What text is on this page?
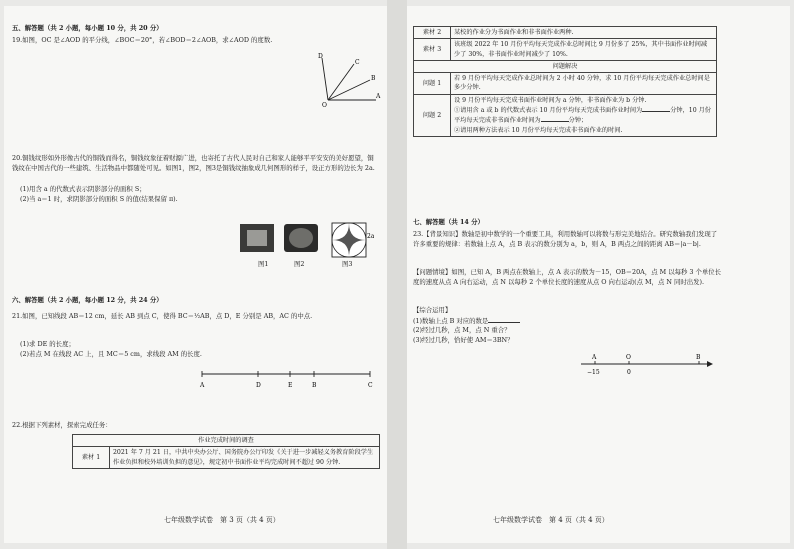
五、解答题（共 2 小题，每小题 10 分，共 20 分）
19.如图，OC 是∠AOD 的平分线，∠BOC＝20°，若∠BOD＝2∠AOB，求∠AOD 的度数.
D
C
B
A
O
20.铜钱纹形如外形像古代的铜钱而得名，铜钱纹象征着财源广进，也寄托了古代人民对自己和家人能够平平安安的美好愿望，铜钱纹在中国古代的一些建筑、生活物品中都随处可见。如图1，图2，图3是铜钱纹抽象成几何图形的样子，设正方形的边长为 2a.
(1)用含 a 的代数式表示阴影部分的面积 S；
(2)当 a＝1 时，求阴影部分的面积 S 的值(结果保留 π).
2a
图1	图2	图3
六、解答题（共 2 小题，每小题 12 分，共 24 分）
21.如图，已知线段 AB＝12 cm，延长 AB 到点 C，使得 BC＝½AB，点 D，E 分别是 AB，AC 的中点.
(1)求 DE 的长度；
(2)若点 M 在线段 AC 上，且 MC＝5 cm，求线段 AM 的长度.
A	D	E	B	C
22.根据下列素材，探索完成任务：
作业完成时间的调查
素材 1	2021 年 7 月 21 日，中共中央办公厅、国务院办公厅印发《关于进一步减轻义务教育阶段学生作业负担和校外培训负担的意见》，规定初中书面作业平均完成时间不超过 90 分钟.
七年级数学试卷　第 3 页（共 4 页）
素材 2	某校的作业分为书面作业和非书面作业两种.
素材 3	该班级 2022 年 10 月份平均每天完成作业总时间比 9 月份多了 25%，其中书面作业时间减少了 30%，非书面作业时间减少了 10%.
问题解决	
问题 1	若 9 月份平均每天完成作业总时间为 2 小时 40 分钟，求 10 月份平均每天完成作业总时间是多少分钟.
问题 2	设 9 月份平均每天完成书面作业时间为 a 分钟，非书面作业为 b 分钟.
①请用含 a 或 b 的代数式表示 10 月份平均每天完成书面作业时间为 分钟，10 月份平均每天完成非书面作业时间为 分钟；
②请用两种方法表示 10 月份平均每天完成非书面作业的时间.
七、解答题（共 14 分）
23.【背景知识】数轴是初中数学的一个重要工具，利用数轴可以将数与形完美地结合。研究数轴我们发现了许多重要的规律：若数轴上点 A，点 B 表示的数分别为 a，b，则 A，B 两点之间的距离 AB＝|a－b|.
【问题情境】如图，已知 A，B 两点在数轴上，点 A 表示的数为－15，OB＝20A，点 M 以每秒 3 个单位长度的速度从点 A 向右运动，点 N 以每秒 2 个单位长度的速度从点 O 向右运动(点 M，点 N 同时出发).
【综合运用】
(1)数轴上点 B 对应的数是
(2)经过几秒，点 M，点 N 重合？
(3)经过几秒，恰好使 AM＝3BN？
A	O	B
−15	0
七年级数学试卷　第 4 页（共 4 页）
